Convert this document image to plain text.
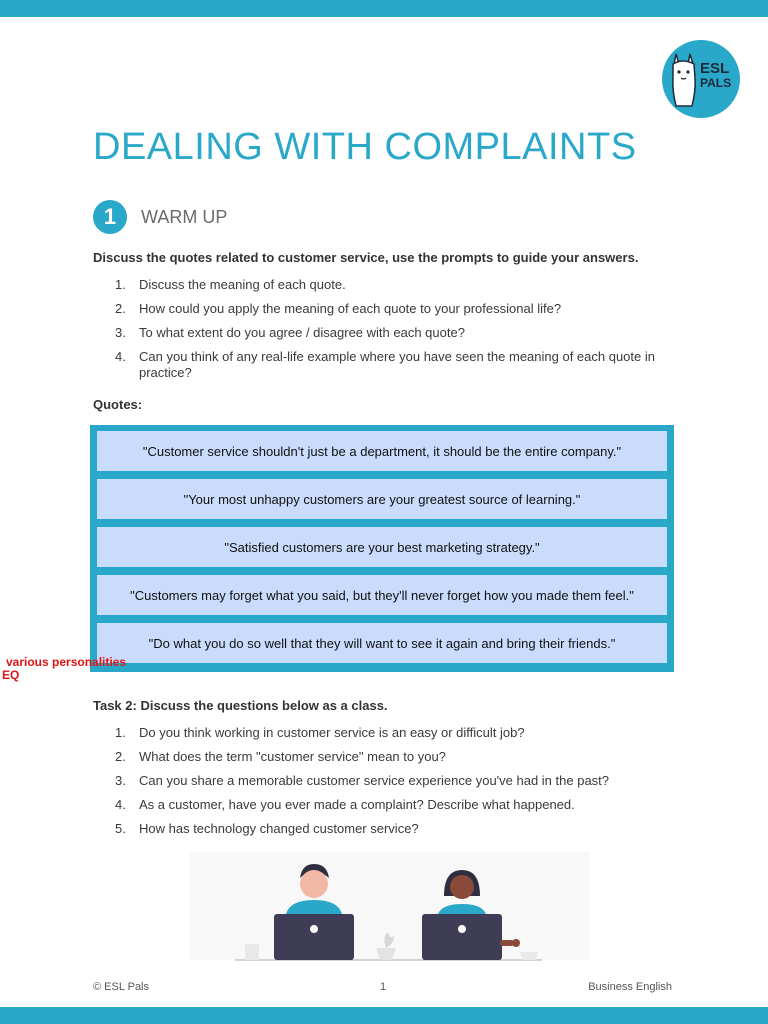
ESL
PALS
DEALING WITH COMPLAINTS
1	WARM UP
Discuss the quotes related to customer service, use the prompts to guide your answers.
1. Discuss the meaning of each quote.
2. How could you apply the meaning of each quote to your professional life?
3. To what extent do you agree / disagree with each quote?
4. Can you think of any real-life example where you have seen the meaning of each quote in practice?
Quotes:
"Customer service shouldn't just be a department, it should be the entire company."
"Your most unhappy customers are your greatest source of learning."
"Satisfied customers are your best marketing strategy."
"Customers may forget what you said, but they'll never forget how you made them feel."
"Do what you do so well that they will want to see it again and bring their friends."
various personalities
EQ
Task 2: Discuss the questions below as a class.
1. Do you think working in customer service is an easy or difficult job?
2. What does the term "customer service" mean to you?
3. Can you share a memorable customer service experience you've had in the past?
4. As a customer, have you ever made a complaint? Describe what happened.
5. How has technology changed customer service?
© ESL Pals	1	Business English
